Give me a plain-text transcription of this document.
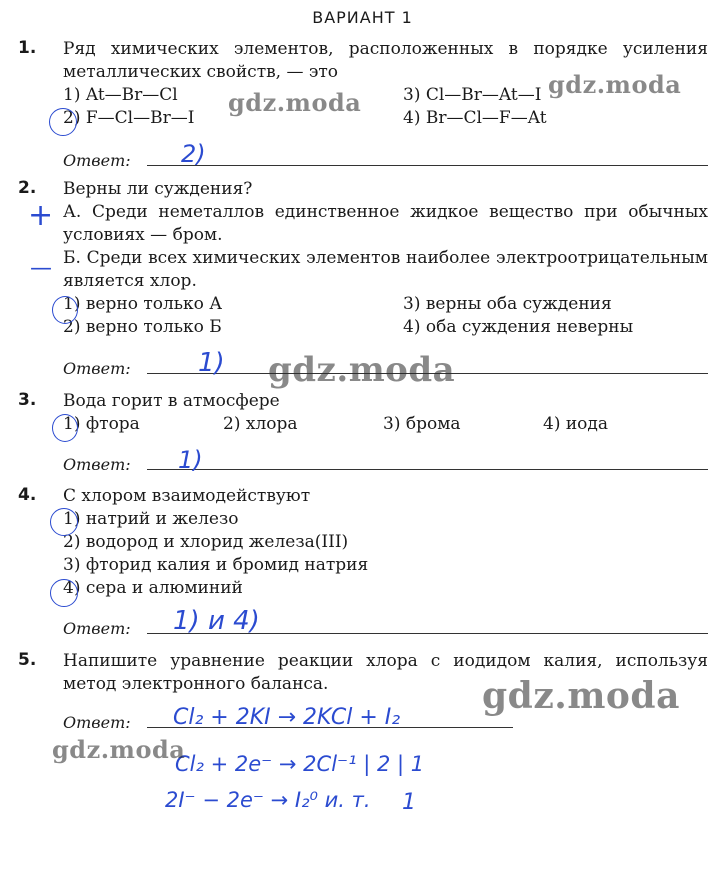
ВАРИАНТ 1
1. Ряд химических элементов, расположенных в порядке усиления металлических свойств, — это
1) At—Br—Cl	3) Cl—Br—At—I
2) F—Cl—Br—I	4) Br—Cl—F—At
Ответ: 2)
2. Верны ли суждения?
А. Среди неметаллов единственное жидкое вещество при обычных условиях — бром.
Б. Среди всех химических элементов наиболее электроотрицательным является хлор.
1) верно только А	3) верны оба суждения
2) верно только Б	4) оба суждения неверны
+
—
Ответ:	1)
3. Вода горит в атмосфере
1) фтора	2) хлора	3) брома	4) иода
Ответ: 1)
4. С хлором взаимодействуют
1) натрий и железо
2) водород и хлорид железа(III)
3) фторид калия и бромид натрия
4) сера и алюминий
Ответ: 1) и 4)
5. Напишите уравнение реакции хлора с иодидом калия, используя метод электронного баланса.
Ответ: Cl₂ + 2KI → 2KCl + I₂
Cl₂ + 2e⁻ → 2Cl⁻¹ | 2 | 1
2I⁻ − 2e⁻ → I₂⁰ и. т. 1
gdz.moda
gdz.moda
gdz.moda
gdz.moda
gdz.moda
